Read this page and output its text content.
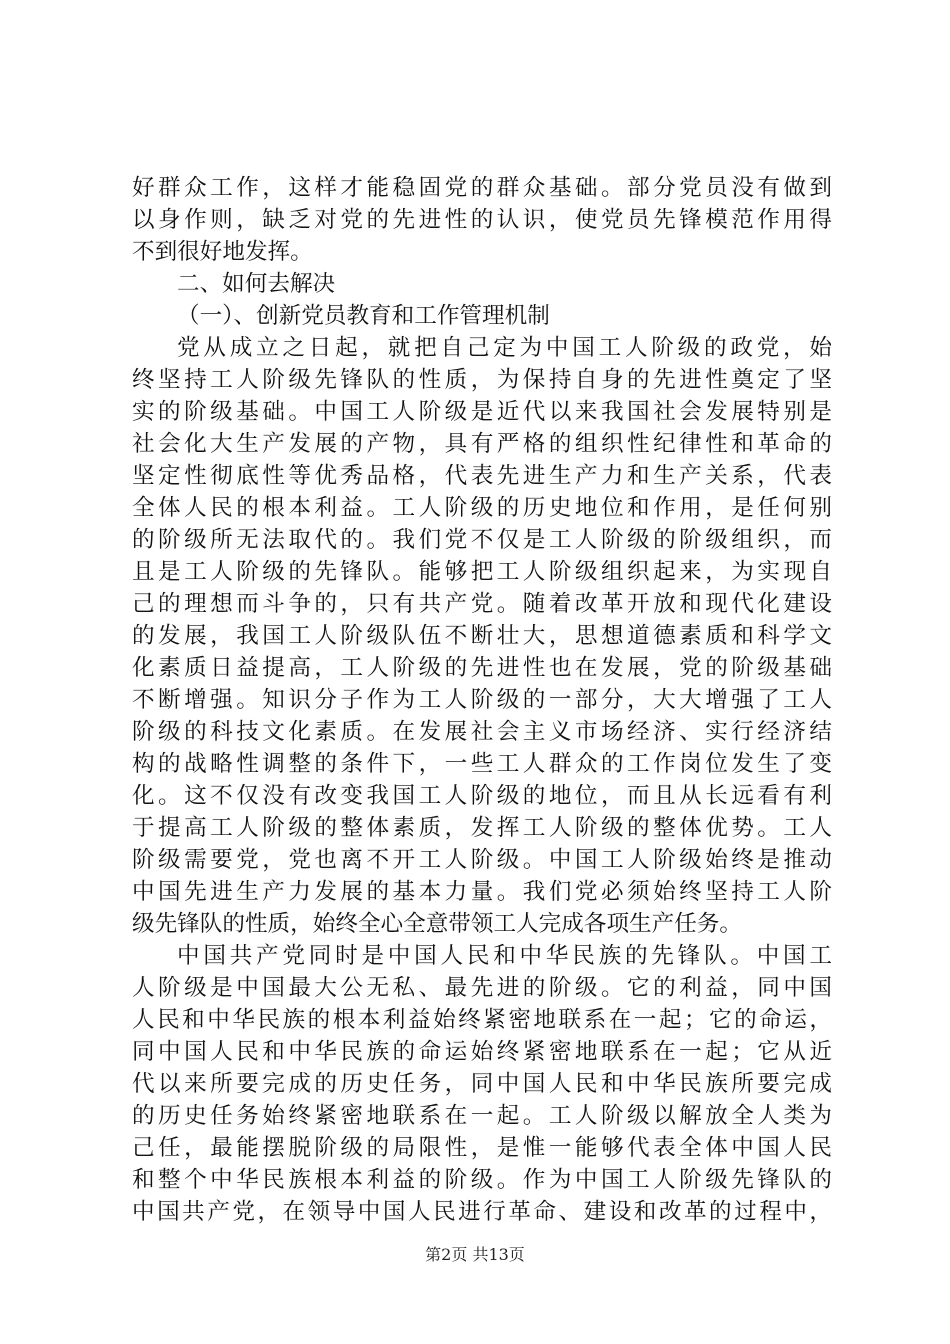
好群众工作，这样才能稳固党的群众基础。部分党员没有做到
以身作则，缺乏对党的先进性的认识，使党员先锋模范作用得
不到很好地发挥。
二、如何去解决
（一）、创新党员教育和工作管理机制
党从成立之日起，就把自己定为中国工人阶级的政党，始
终坚持工人阶级先锋队的性质，为保持自身的先进性奠定了坚
实的阶级基础。中国工人阶级是近代以来我国社会发展特别是
社会化大生产发展的产物，具有严格的组织性纪律性和革命的
坚定性彻底性等优秀品格，代表先进生产力和生产关系，代表
全体人民的根本利益。工人阶级的历史地位和作用，是任何别
的阶级所无法取代的。我们党不仅是工人阶级的阶级组织，而
且是工人阶级的先锋队。能够把工人阶级组织起来，为实现自
己的理想而斗争的，只有共产党。随着改革开放和现代化建设
的发展，我国工人阶级队伍不断壮大，思想道德素质和科学文
化素质日益提高，工人阶级的先进性也在发展，党的阶级基础
不断增强。知识分子作为工人阶级的一部分，大大增强了工人
阶级的科技文化素质。在发展社会主义市场经济、实行经济结
构的战略性调整的条件下，一些工人群众的工作岗位发生了变
化。这不仅没有改变我国工人阶级的地位，而且从长远看有利
于提高工人阶级的整体素质，发挥工人阶级的整体优势。工人
阶级需要党，党也离不开工人阶级。中国工人阶级始终是推动
中国先进生产力发展的基本力量。我们党必须始终坚持工人阶
级先锋队的性质，始终全心全意带领工人完成各项生产任务。
中国共产党同时是中国人民和中华民族的先锋队。中国工
人阶级是中国最大公无私、最先进的阶级。它的利益，同中国
人民和中华民族的根本利益始终紧密地联系在一起；它的命运，
同中国人民和中华民族的命运始终紧密地联系在一起；它从近
代以来所要完成的历史任务，同中国人民和中华民族所要完成
的历史任务始终紧密地联系在一起。工人阶级以解放全人类为
己任，最能摆脱阶级的局限性，是惟一能够代表全体中国人民
和整个中华民族根本利益的阶级。作为中国工人阶级先锋队的
中国共产党，在领导中国人民进行革命、建设和改革的过程中，
第2页 共13页
